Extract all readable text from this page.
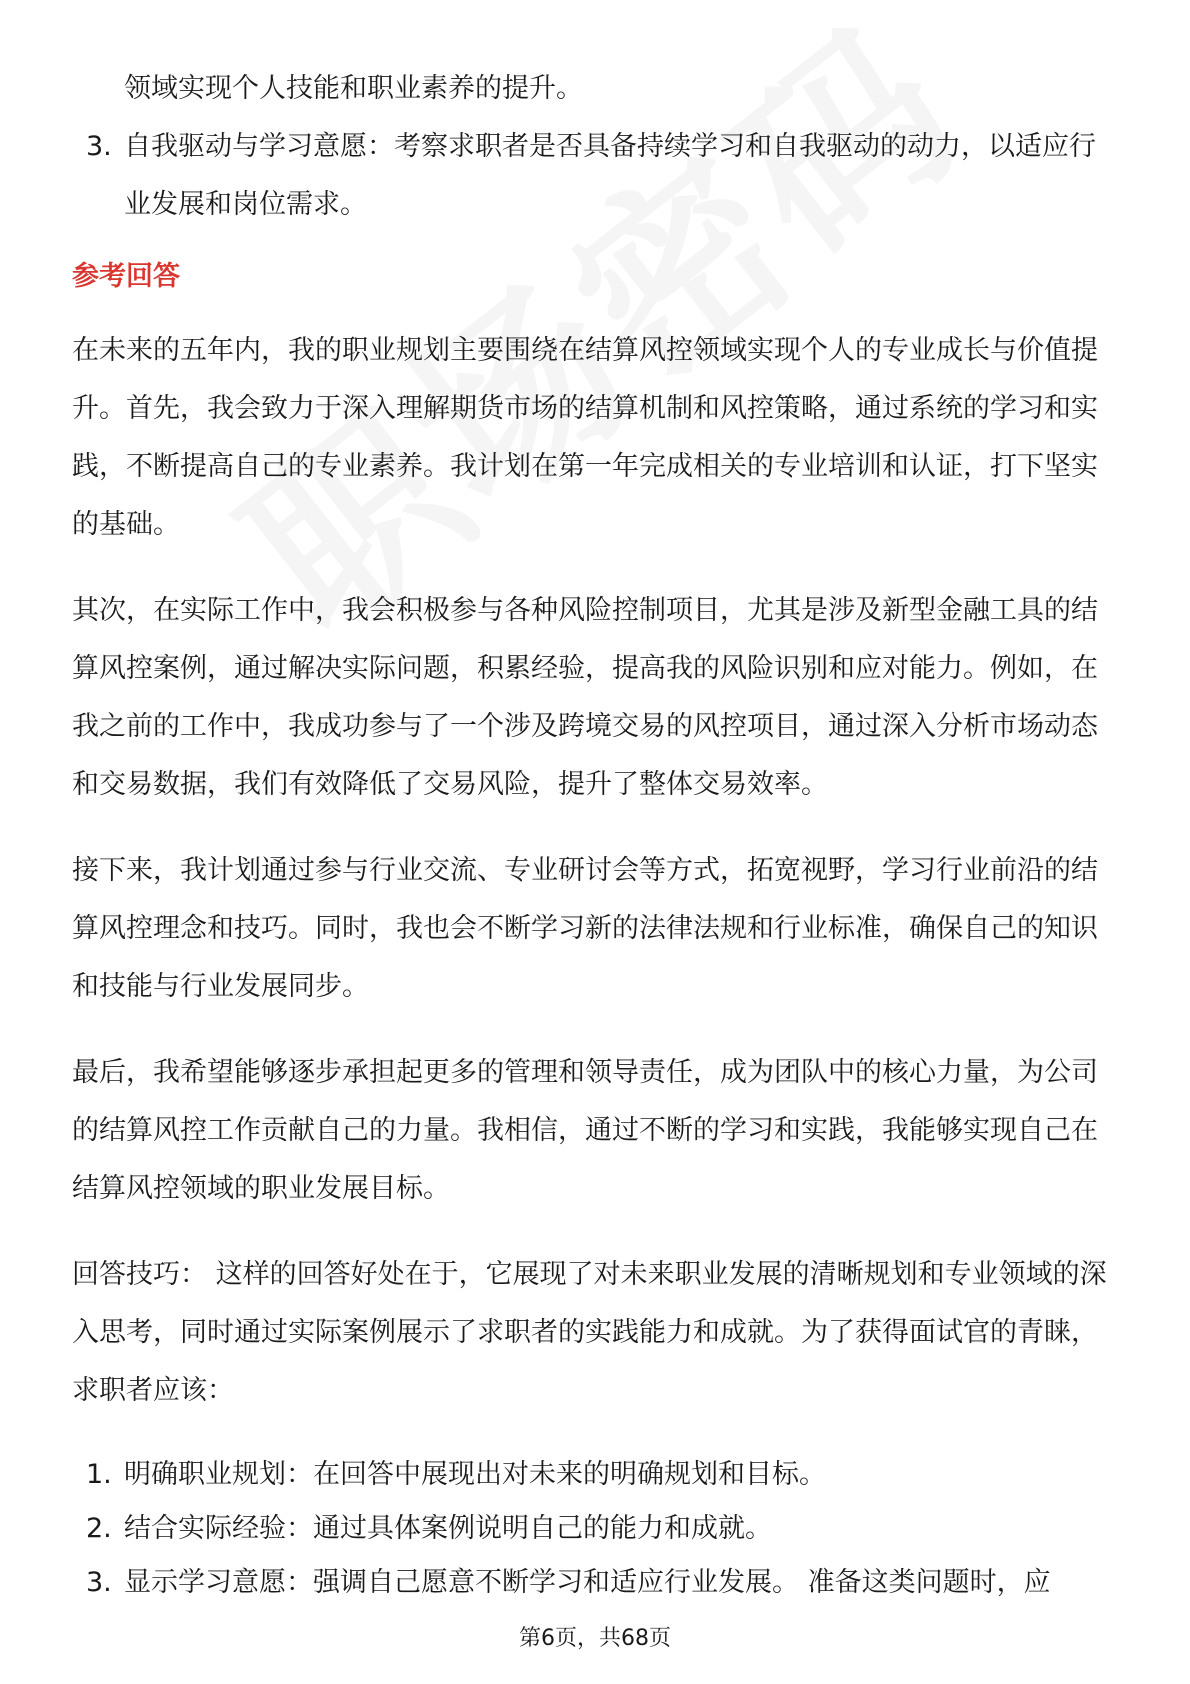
领域实现个人技能和职业素养的提升。

3. 自我驱动与学习意愿：考察求职者是否具备持续学习和自我驱动的动力，以适应行业发展和岗位需求。
参考回答

在未来的五年内，我的职业规划主要围绕在结算风控领域实现个人的专业成长与价值提升。首先，我会致力于深入理解期货市场的结算机制和风控策略，通过系统的学习和实践，不断提高自己的专业素养。我计划在第一年完成相关的专业培训和认证，打下坚实的基础。

其次，在实际工作中，我会积极参与各种风险控制项目，尤其是涉及新型金融工具的结算风控案例，通过解决实际问题，积累经验，提高我的风险识别和应对能力。例如，在我之前的工作中，我成功参与了一个涉及跨境交易的风控项目，通过深入分析市场动态和交易数据，我们有效降低了交易风险，提升了整体交易效率。

接下来，我计划通过参与行业交流、专业研讨会等方式，拓宽视野，学习行业前沿的结算风控理念和技巧。同时，我也会不断学习新的法律法规和行业标准，确保自己的知识和技能与行业发展同步。

最后，我希望能够逐步承担起更多的管理和领导责任，成为团队中的核心力量，为公司的结算风控工作贡献自己的力量。我相信，通过不断的学习和实践，我能够实现自己在结算风控领域的职业发展目标。

回答技巧： 这样的回答好处在于，它展现了对未来职业发展的清晰规划和专业领域的深入思考，同时通过实际案例展示了求职者的实践能力和成就。为了获得面试官的青睐，求职者应该：

1. 明确职业规划：在回答中展现出对未来的明确规划和目标。
2. 结合实际经验：通过具体案例说明自己的能力和成就。
3. 显示学习意愿：强调自己愿意不断学习和适应行业发展。 准备这类问题时，应
第6页，共68页
